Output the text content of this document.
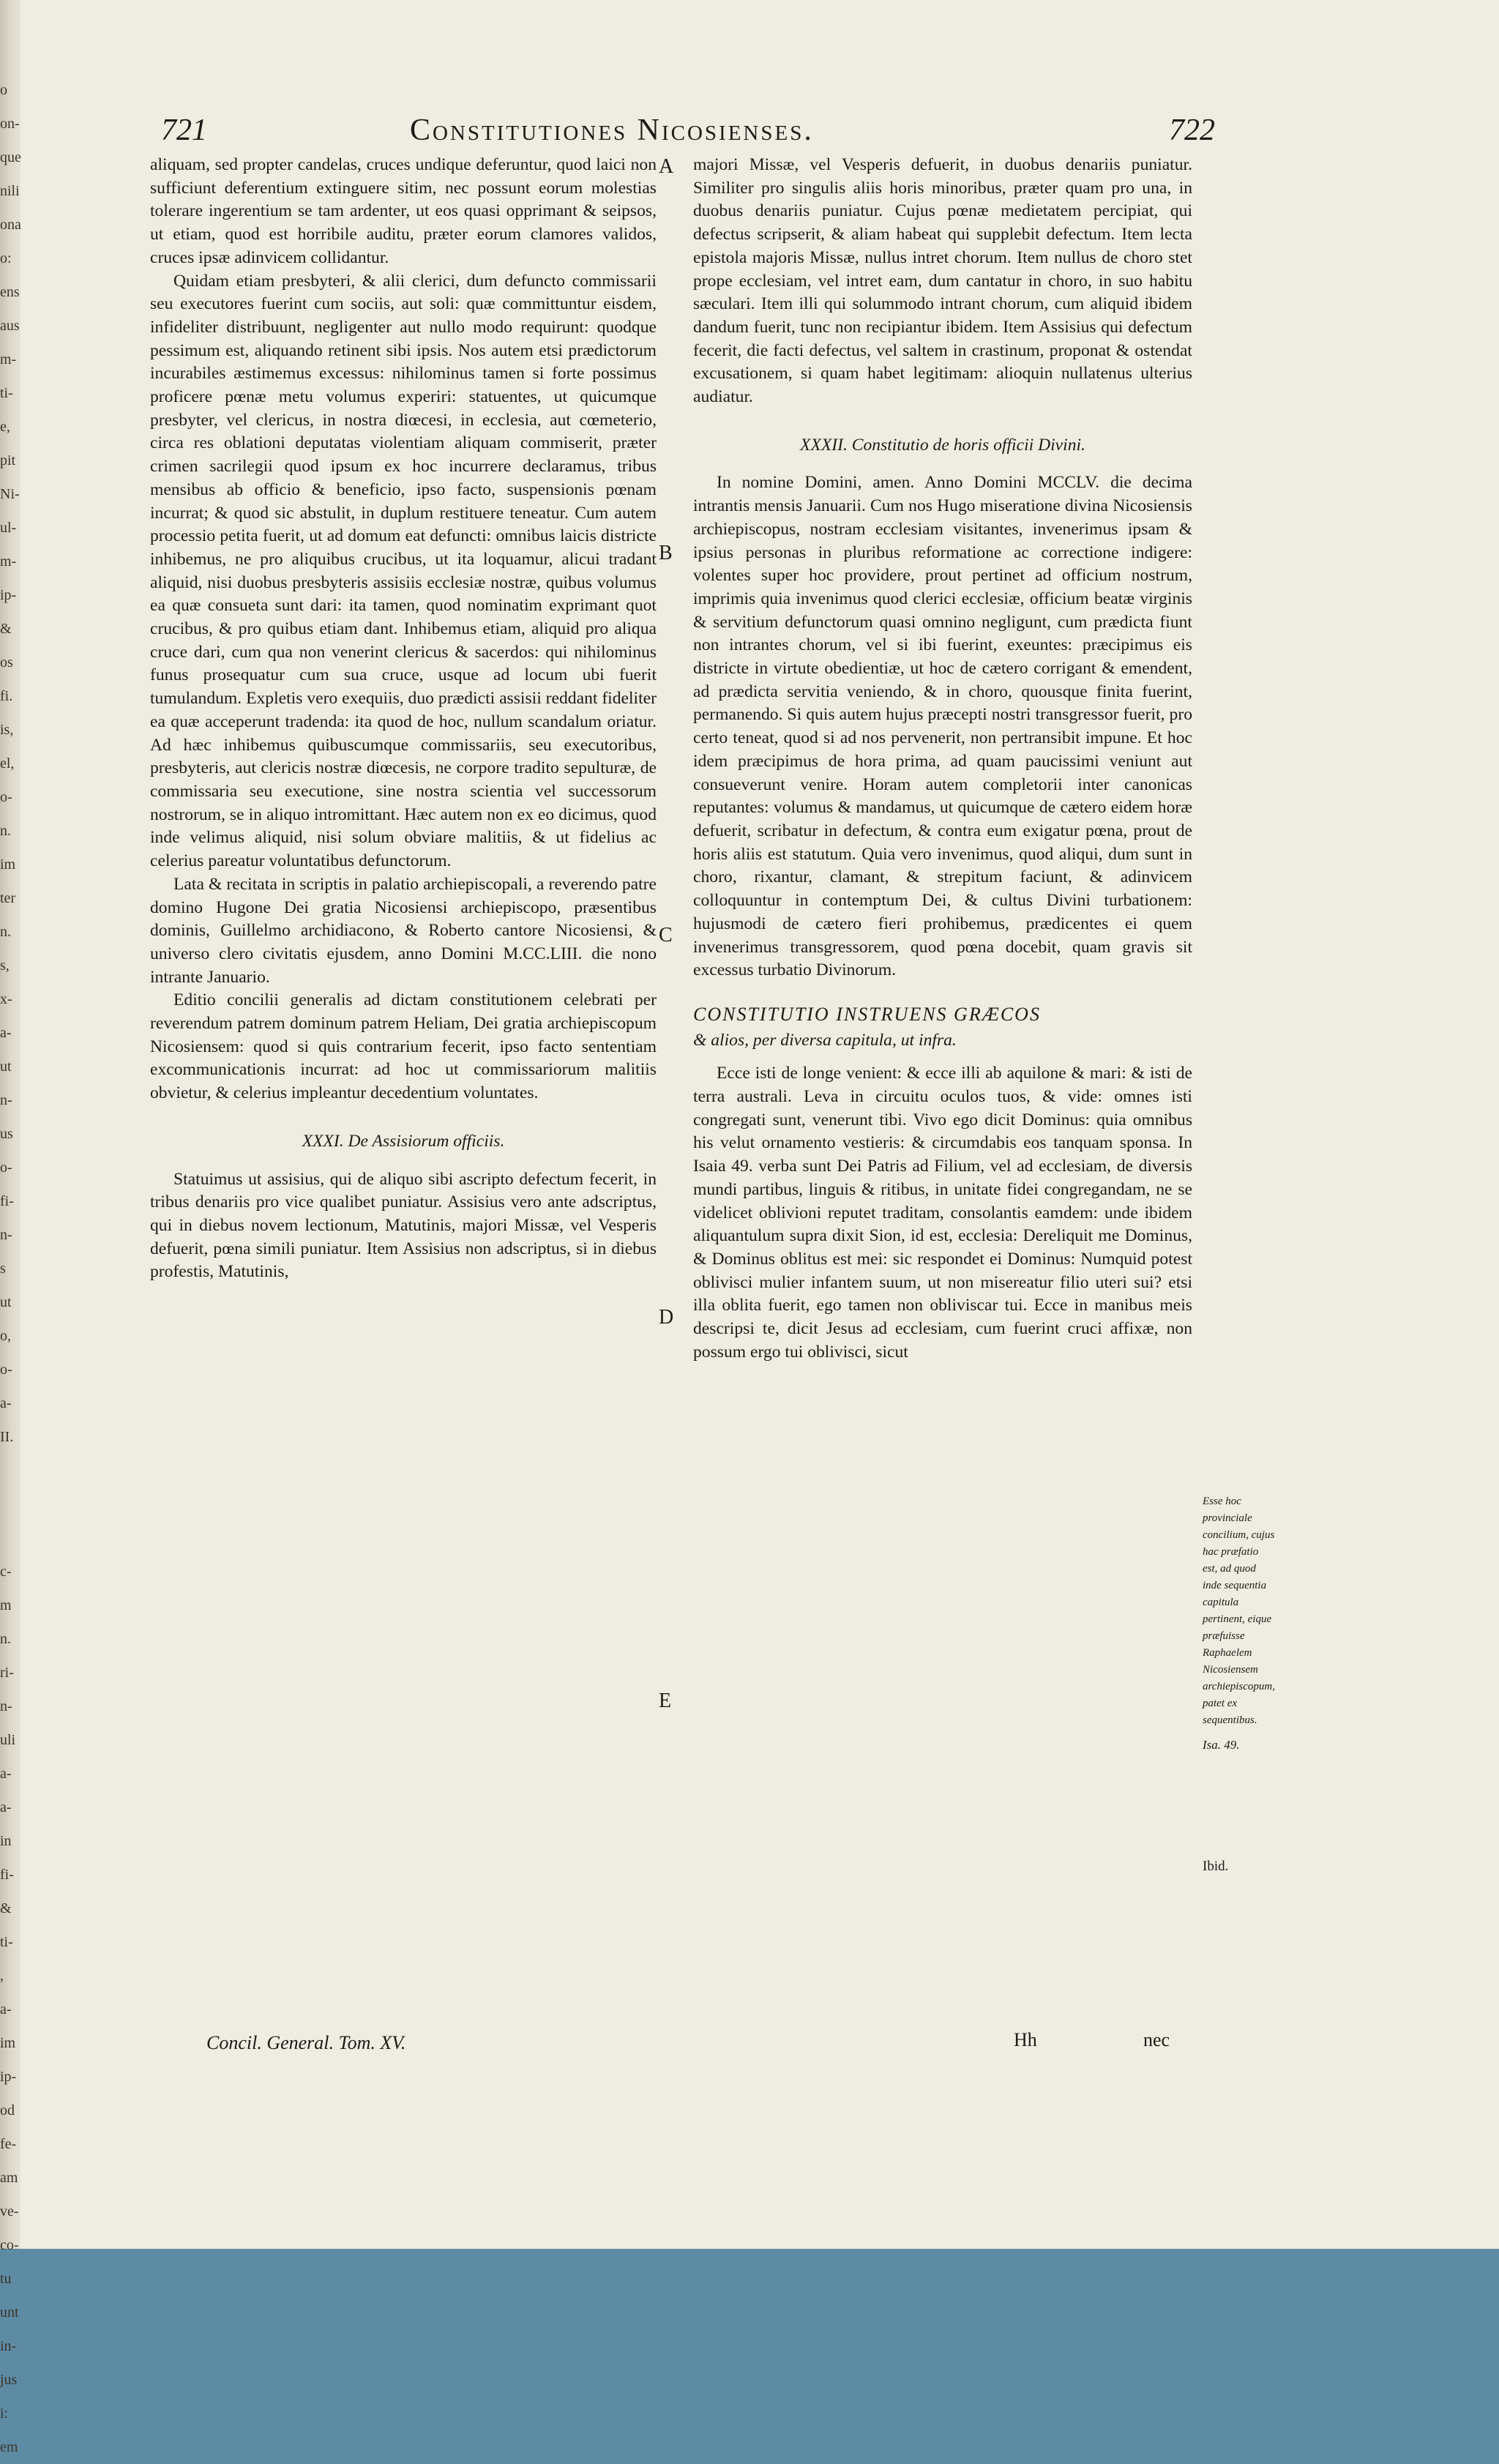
o
on-
que
nili
ona
o:
ens
aus
m-
ti-
e,
pit
Ni-
ul-
m-
ip-
&
os
fi.
is,
el,
o-
n.
im
ter
n.
s,
x-
a-
ut
n-
us
o-
fi-
n-
s
ut
o,
o-
a-
II.
c-
m
n.
ri-
n-
uli
a-
a-
in
fi-
&
ti-
,
a-
im
ip-
od
fe-
am
ve-
co-
tu
unt
in-
jus
i:
em
721	Constitutiones Nicosienses.	722

aliquam, sed propter candelas, cruces undique deferuntur, quod laici non sufficiunt deferentium extinguere sitim, nec possunt eorum molestias tolerare ingerentium se tam ardenter, ut eos quasi opprimant & seipsos, ut etiam, quod est horribile auditu, præter eorum clamores validos, cruces ipsæ adinvicem collidantur.

Quidam etiam presbyteri, & alii clerici, dum defuncto commissarii seu executores fuerint cum sociis, aut soli: quæ committuntur eisdem, infideliter distribuunt, negligenter aut nullo modo requirunt: quodque pessimum est, aliquando retinent sibi ipsis. Nos autem etsi prædictorum incurabiles æstimemus excessus: nihilominus tamen si forte possimus proficere pœnæ metu volumus experiri: statuentes, ut quicumque presbyter, vel clericus, in nostra diœcesi, in ecclesia, aut cœmeterio, circa res oblationi deputatas violentiam aliquam commiserit, præter crimen sacrilegii quod ipsum ex hoc incurrere declaramus, tribus mensibus ab officio & beneficio, ipso facto, suspensionis pœnam incurrat; & quod sic abstulit, in duplum restituere teneatur. Cum autem processio petita fuerit, ut ad domum eat defuncti: omnibus laicis districte inhibemus, ne pro aliquibus crucibus, ut ita loquamur, alicui tradant aliquid, nisi duobus presbyteris assisiis ecclesiæ nostræ, quibus volumus ea quæ consueta sunt dari: ita tamen, quod nominatim exprimant quot crucibus, & pro quibus etiam dant. Inhibemus etiam, aliquid pro aliqua cruce dari, cum qua non venerint clericus & sacerdos: qui nihilominus funus prosequatur cum sua cruce, usque ad locum ubi fuerit tumulandum. Expletis vero exequiis, duo prædicti assisii reddant fideliter ea quæ acceperunt tradenda: ita quod de hoc, nullum scandalum oriatur. Ad hæc inhibemus quibuscumque commissariis, seu executoribus, presbyteris, aut clericis nostræ diœcesis, ne corpore tradito sepulturæ, de commissaria seu executione, sine nostra scientia vel successorum nostrorum, se in aliquo intromittant. Hæc autem non ex eo dicimus, quod inde velimus aliquid, nisi solum obviare malitiis, & ut fidelius ac celerius pareatur voluntatibus defunctorum.

Lata & recitata in scriptis in palatio archiepiscopali, a reverendo patre domino Hugone Dei gratia Nicosiensi archiepiscopo, præsentibus dominis, Guillelmo archidiacono, & Roberto cantore Nicosiensi, & universo clero civitatis ejusdem, anno Domini M.CC.LIII. die nono intrante Januario.

Editio concilii generalis ad dictam constitutionem celebrati per reverendum patrem dominum patrem Heliam, Dei gratia archiepiscopum Nicosiensem: quod si quis contrarium fecerit, ipso facto sententiam excommunicationis incurrat: ad hoc ut commissariorum malitiis obvietur, & celerius impleantur decedentium voluntates.

XXXI. De Assisiorum officiis.

Statuimus ut assisius, qui de aliquo sibi ascripto defectum fecerit, in tribus denariis pro vice qualibet puniatur. Assisius vero ante adscriptus, qui in diebus novem lectionum, Matutinis, majori Missæ, vel Vesperis defuerit, pœna simili puniatur. Item Assisius non adscriptus, si in diebus profestis, Matutinis,

majori Missæ, vel Vesperis defuerit, in duobus denariis puniatur. Similiter pro singulis aliis horis minoribus, præter quam pro una, in duobus denariis puniatur. Cujus pœnæ medietatem percipiat, qui defectus scripserit, & aliam habeat qui supplebit defectum. Item lecta epistola majoris Missæ, nullus intret chorum. Item nullus de choro stet prope ecclesiam, vel intret eam, dum cantatur in choro, in suo habitu sæculari. Item illi qui solummodo intrant chorum, cum aliquid ibidem dandum fuerit, tunc non recipiantur ibidem. Item Assisius qui defectum fecerit, die facti defectus, vel saltem in crastinum, proponat & ostendat excusationem, si quam habet legitimam: alioquin nullatenus ulterius audiatur.

XXXII. Constitutio de horis officii Divini.

In nomine Domini, amen. Anno Domini MCCLV. die decima intrantis mensis Januarii. Cum nos Hugo miseratione divina Nicosiensis archiepiscopus, nostram ecclesiam visitantes, invenerimus ipsam & ipsius personas in pluribus reformatione ac correctione indigere: volentes super hoc providere, prout pertinet ad officium nostrum, imprimis quia invenimus quod clerici ecclesiæ, officium beatæ virginis & servitium defunctorum quasi omnino negligunt, cum prædicta fiunt non intrantes chorum, vel si ibi fuerint, exeuntes: præcipimus eis districte in virtute obedientiæ, ut hoc de cætero corrigant & emendent, ad prædicta servitia veniendo, & in choro, quousque finita fuerint, permanendo. Si quis autem hujus præcepti nostri transgressor fuerit, pro certo teneat, quod si ad nos pervenerit, non pertransibit impune. Et hoc idem præcipimus de hora prima, ad quam paucissimi veniunt aut consueverunt venire. Horam autem completorii inter canonicas reputantes: volumus & mandamus, ut quicumque de cætero eidem horæ defuerit, scribatur in defectum, & contra eum exigatur pœna, prout de horis aliis est statutum. Quia vero invenimus, quod aliqui, dum sunt in choro, rixantur, clamant, & strepitum faciunt, & adinvicem colloquuntur in contemptum Dei, & cultus Divini turbationem: hujusmodi de cætero fieri prohibemus, prædicentes ei quem invenerimus transgressorem, quod pœna docebit, quam gravis sit excessus turbatio Divinorum.

CONSTITUTIO INSTRUENS GRÆCOS

& alios, per diversa capitula, ut infra.

Ecce isti de longe venient: & ecce illi ab aquilone & mari: & isti de terra australi. Leva in circuitu oculos tuos, & vide: omnes isti congregati sunt, venerunt tibi. Vivo ego dicit Dominus: quia omnibus his velut ornamento vestieris: & circumdabis eos tanquam sponsa. In Isaia 49. verba sunt Dei Patris ad Filium, vel ad ecclesiam, de diversis mundi partibus, linguis & ritibus, in unitate fidei congregandam, ne se videlicet oblivioni reputet traditam, consolantis eamdem: unde ibidem aliquantulum supra dixit Sion, id est, ecclesia: Dereliquit me Dominus, & Dominus oblitus est mei: sic respondet ei Dominus: Numquid potest oblivisci mulier infantem suum, ut non misereatur filio uteri sui? etsi illa oblita fuerit, ego tamen non obliviscar tui. Ecce in manibus meis descripsi te, dicit Jesus ad ecclesiam, cum fuerint cruci affixæ, non possum ergo tui oblivisci, sicut

A
B
C
D
E
Esse hoc provinciale concilium, cujus hac præfatio est, ad quod inde sequentia capitula pertinent, eique præfuisse Raphaelem Nicosiensem archiepiscopum, patet ex sequentibus.
Isa. 49.
Ibid.
Concil. General. Tom. XV.	Hh	nec
